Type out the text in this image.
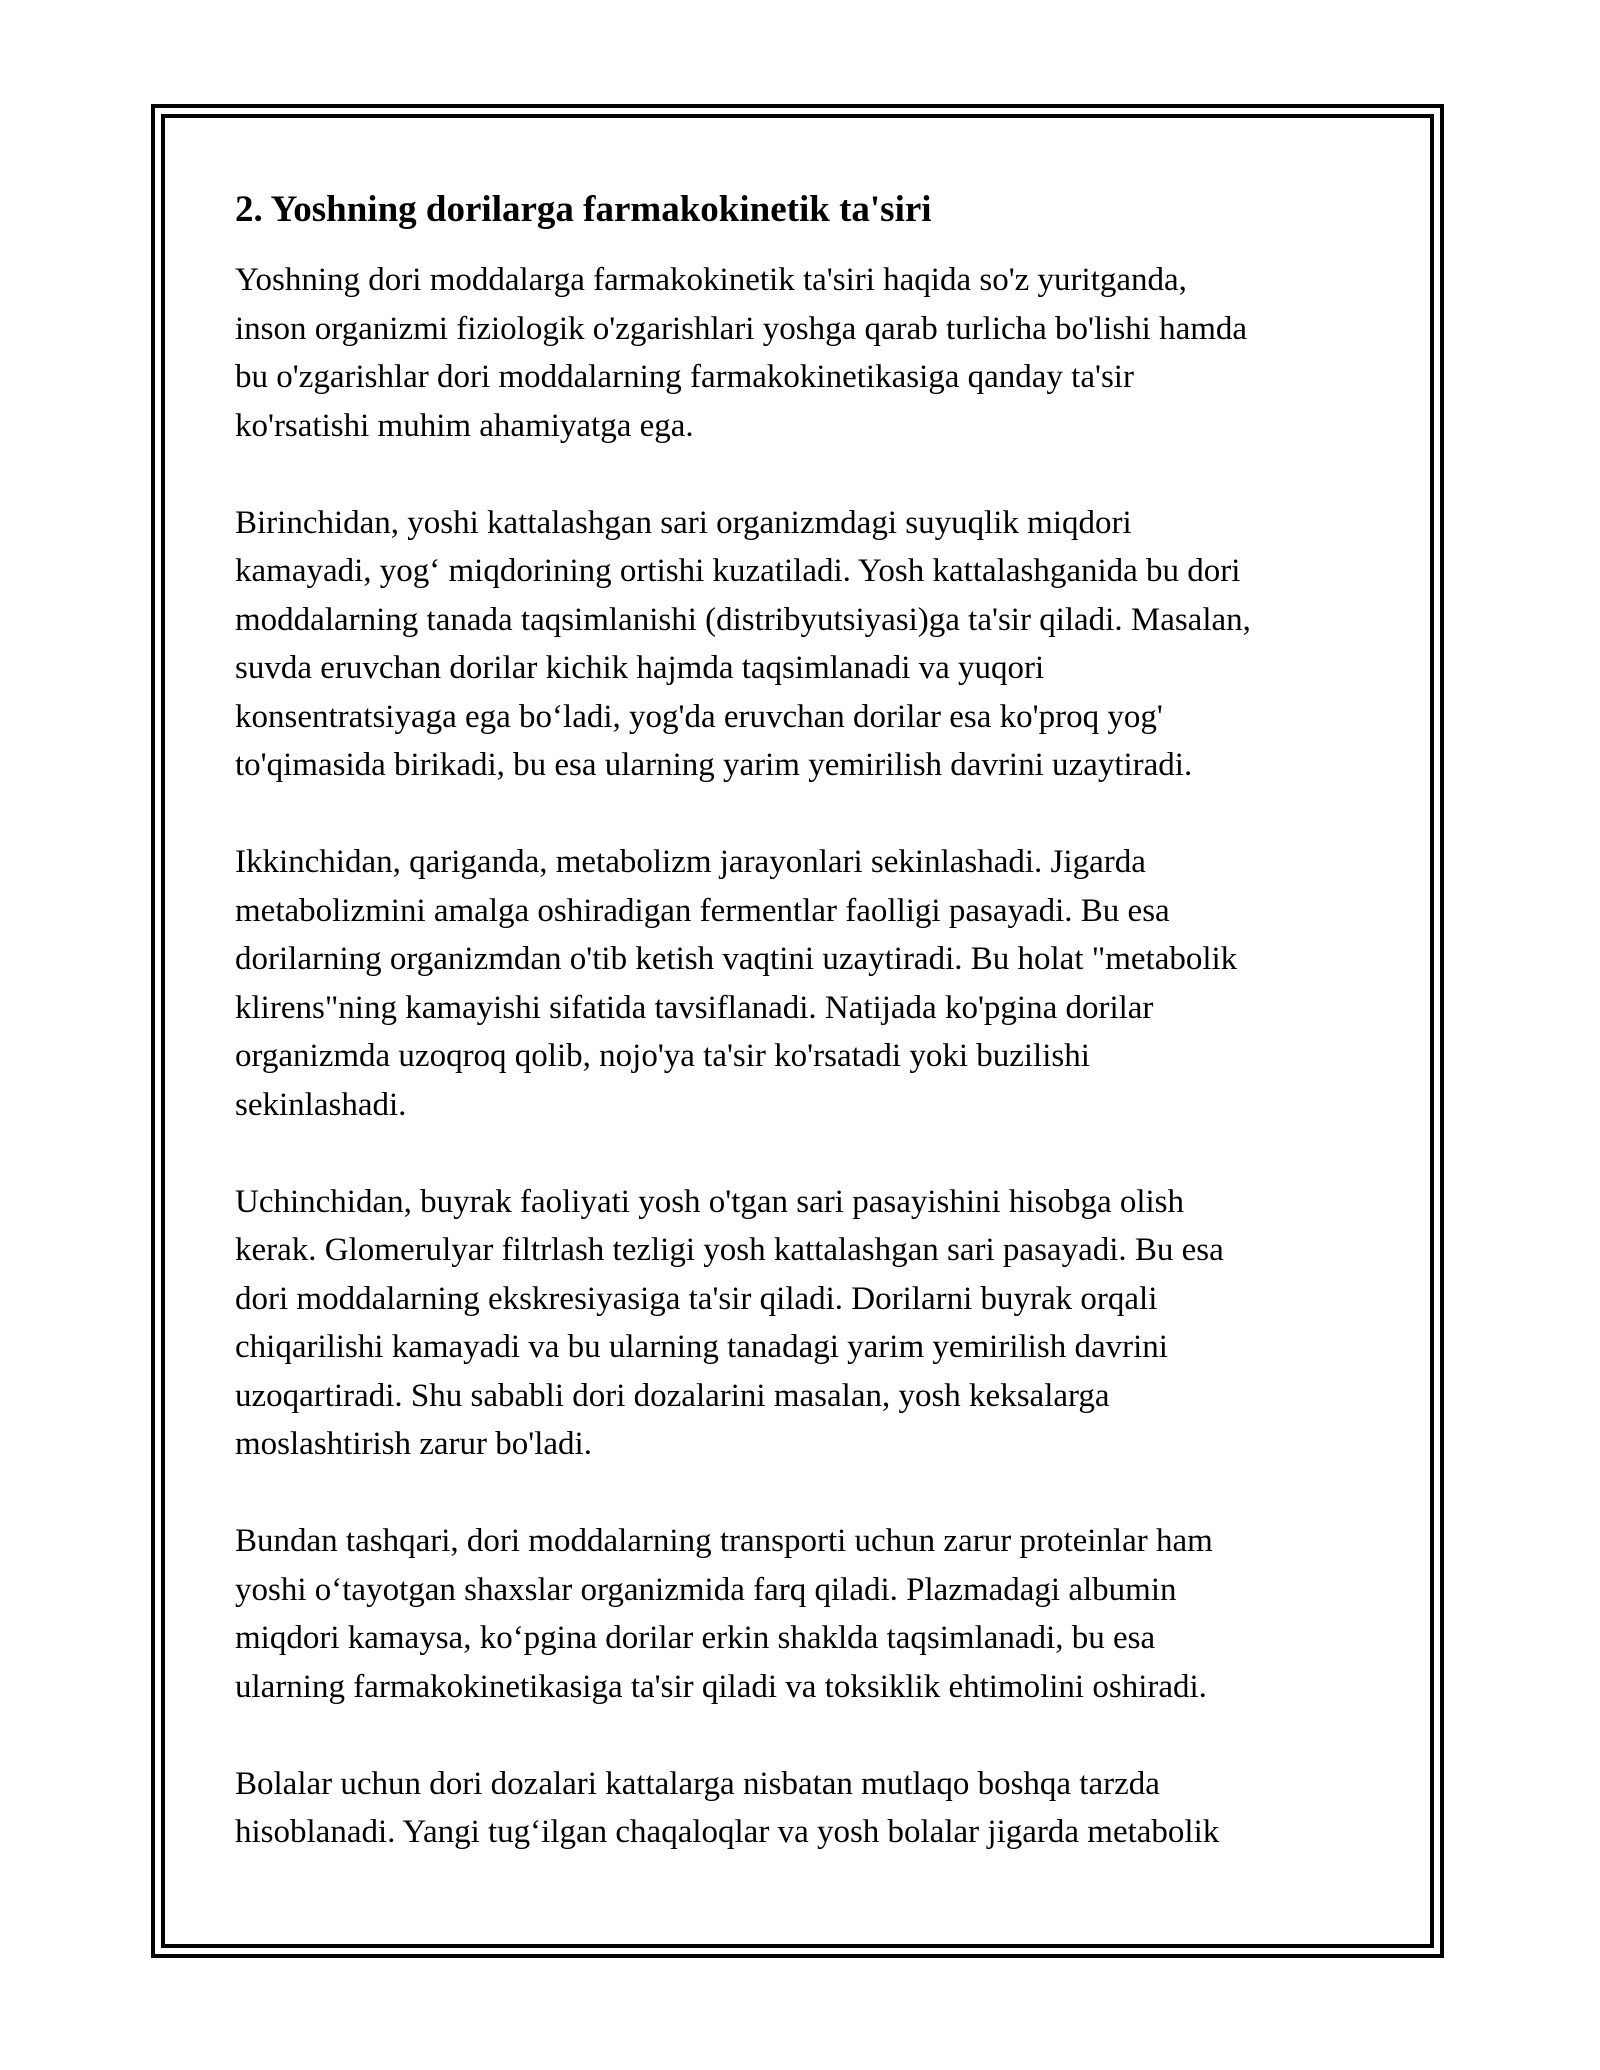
2. Yoshning dorilarga farmakokinetik ta'siri

Yoshning dori moddalarga farmakokinetik ta'siri haqida so'z yuritganda,
inson organizmi fiziologik o'zgarishlari yoshga qarab turlicha bo'lishi hamda
bu o'zgarishlar dori moddalarning farmakokinetikasiga qanday ta'sir
ko'rsatishi muhim ahamiyatga ega.

Birinchidan, yoshi kattalashgan sari organizmdagi suyuqlik miqdori
kamayadi, yog‘ miqdorining ortishi kuzatiladi. Yosh kattalashganida bu dori
moddalarning tanada taqsimlanishi (distribyutsiyasi)ga ta'sir qiladi. Masalan,
suvda eruvchan dorilar kichik hajmda taqsimlanadi va yuqori
konsentratsiyaga ega bo‘ladi, yog'da eruvchan dorilar esa ko'proq yog'
to'qimasida birikadi, bu esa ularning yarim yemirilish davrini uzaytiradi.

Ikkinchidan, qariganda, metabolizm jarayonlari sekinlashadi. Jigarda
metabolizmini amalga oshiradigan fermentlar faolligi pasayadi. Bu esa
dorilarning organizmdan o'tib ketish vaqtini uzaytiradi. Bu holat "metabolik
klirens"ning kamayishi sifatida tavsiflanadi. Natijada ko'pgina dorilar
organizmda uzoqroq qolib, nojo'ya ta'sir ko'rsatadi yoki buzilishi
sekinlashadi.

Uchinchidan, buyrak faoliyati yosh o'tgan sari pasayishini hisobga olish
kerak. Glomerulyar filtrlash tezligi yosh kattalashgan sari pasayadi. Bu esa
dori moddalarning ekskresiyasiga ta'sir qiladi. Dorilarni buyrak orqali
chiqarilishi kamayadi va bu ularning tanadagi yarim yemirilish davrini
uzoqartiradi. Shu sababli dori dozalarini masalan, yosh keksalarga
moslashtirish zarur bo'ladi.

Bundan tashqari, dori moddalarning transporti uchun zarur proteinlar ham
yoshi o‘tayotgan shaxslar organizmida farq qiladi. Plazmadagi albumin
miqdori kamaysa, ko‘pgina dorilar erkin shaklda taqsimlanadi, bu esa
ularning farmakokinetikasiga ta'sir qiladi va toksiklik ehtimolini oshiradi.

Bolalar uchun dori dozalari kattalarga nisbatan mutlaqo boshqa tarzda
hisoblanadi. Yangi tug‘ilgan chaqaloqlar va yosh bolalar jigarda metabolik
